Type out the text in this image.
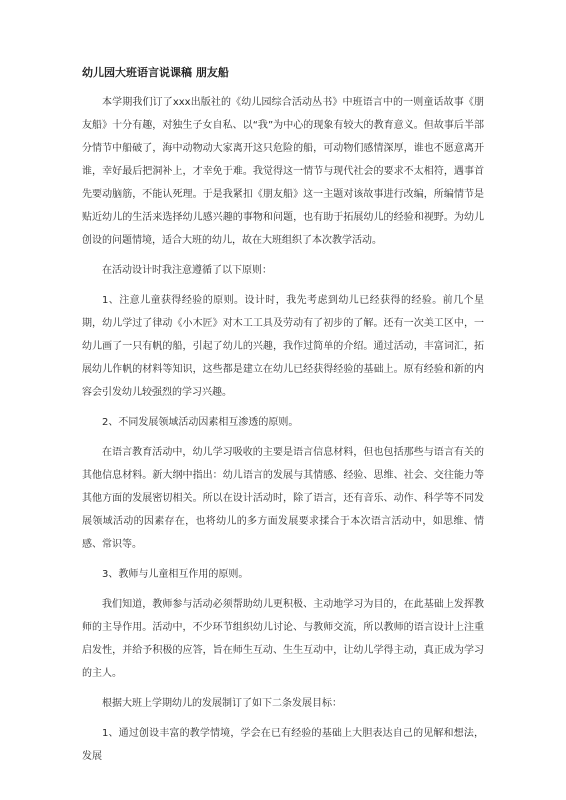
幼儿园大班语言说课稿 朋友船

本学期我们订了xxx出版社的《幼儿园综合活动丛书》中班语言中的一则童话故事《朋友船》十分有趣，对独生子女自私、以“我”为中心的现象有较大的教育意义。但故事后半部分情节中船破了，海中动物动大家离开这只危险的船，可动物们感情深厚，谁也不愿意离开谁，幸好最后把洞补上，才幸免于难。我觉得这一情节与现代社会的要求不太相符，遇事首先要动脑筋，不能认死理。于是我紧扣《朋友船》这一主题对该故事进行改编，所编情节是贴近幼儿的生活来选择幼儿感兴趣的事物和问题，也有助于拓展幼儿的经验和视野。为幼儿创设的问题情境，适合大班的幼儿，故在大班组织了本次教学活动。

在活动设计时我注意遵循了以下原则：

1、注意儿童获得经验的原则。设计时，我先考虑到幼儿已经获得的经验。前几个星期，幼儿学过了律动《小木匠》对木工工具及劳动有了初步的了解。还有一次美工区中，一幼儿画了一只有帆的船，引起了幼儿的兴趣，我作过简单的介绍。通过活动，丰富词汇，拓展幼儿作帆的材料等知识，这些都是建立在幼儿已经获得经验的基础上。原有经验和新的内容会引发幼儿较强烈的学习兴趣。

2、不同发展领域活动因素相互渗透的原则。

在语言教育活动中，幼儿学习吸收的主要是语言信息材料，但也包括那些与语言有关的其他信息材料。新大纲中指出：幼儿语言的发展与其情感、经验、思维、社会、交往能力等其他方面的发展密切相关。所以在设计活动时，除了语言，还有音乐、动作、科学等不同发展领域活动的因素存在，也将幼儿的多方面发展要求揉合于本次语言活动中，如思维、情感、常识等。

3、教师与儿童相互作用的原则。

我们知道，教师参与活动必须帮助幼儿更积极、主动地学习为目的，在此基础上发挥教师的主导作用。活动中，不少环节组织幼儿讨论、与教师交流，所以教师的语言设计上注重启发性，并给予积极的应答，旨在师生互动、生生互动中，让幼儿学得主动，真正成为学习的主人。

根据大班上学期幼儿的发展制订了如下二条发展目标：

1、通过创设丰富的教学情境，学会在已有经验的基础上大胆表达自己的见解和想法，发展
